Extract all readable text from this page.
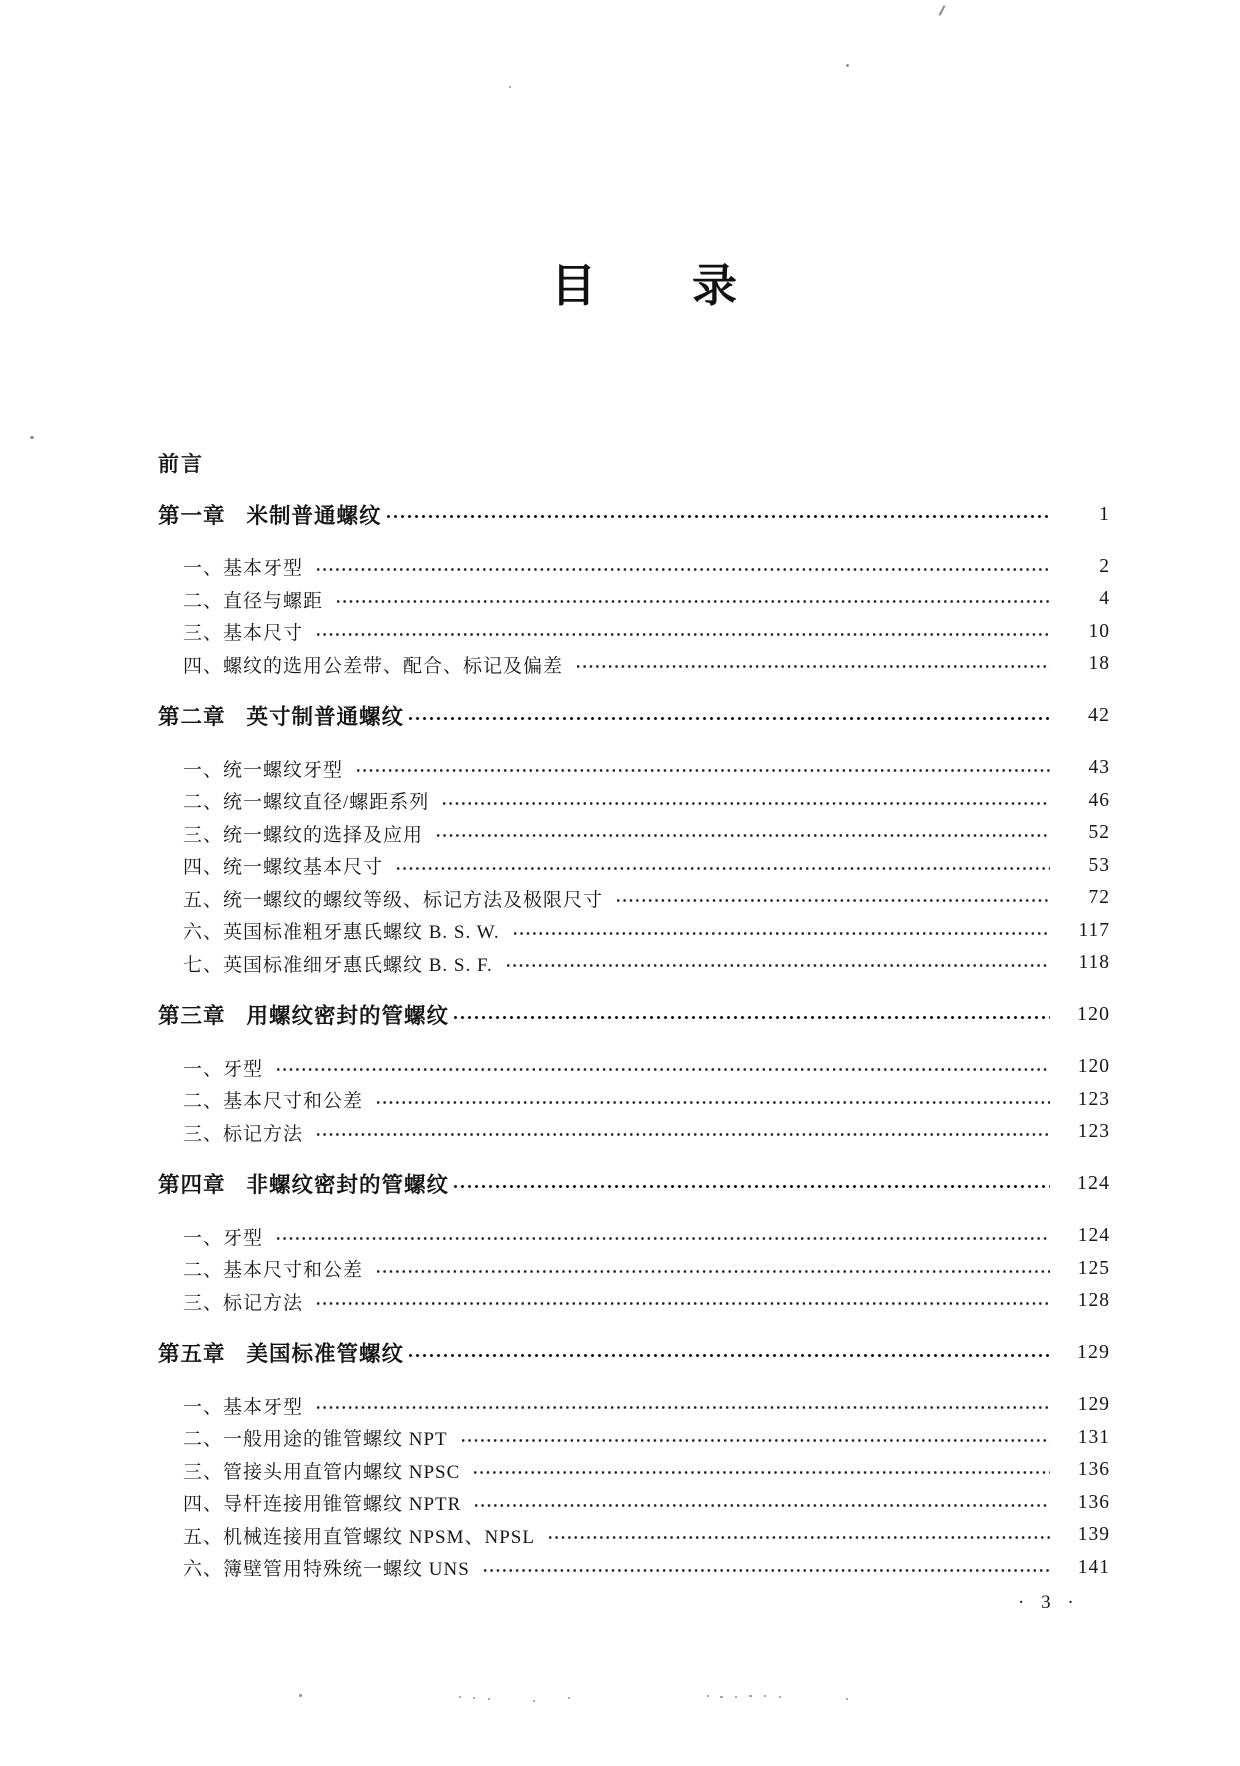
目录
前言
第一章 米制普通螺纹	1
一、基本牙型	2
二、直径与螺距	4
三、基本尺寸	10
四、螺纹的选用公差带、配合、标记及偏差	18
第二章 英寸制普通螺纹	42
一、统一螺纹牙型	43
二、统一螺纹直径/螺距系列	46
三、统一螺纹的选择及应用	52
四、统一螺纹基本尺寸	53
五、统一螺纹的螺纹等级、标记方法及极限尺寸	72
六、英国标准粗牙惠氏螺纹 B. S. W.	117
七、英国标准细牙惠氏螺纹 B. S. F.	118
第三章 用螺纹密封的管螺纹	120
一、牙型	120
二、基本尺寸和公差	123
三、标记方法	123
第四章 非螺纹密封的管螺纹	124
一、牙型	124
二、基本尺寸和公差	125
三、标记方法	128
第五章 美国标准管螺纹	129
一、基本牙型	129
二、一般用途的锥管螺纹 NPT	131
三、管接头用直管内螺纹 NPSC	136
四、导杆连接用锥管螺纹 NPTR	136
五、机械连接用直管螺纹 NPSM、NPSL	139
六、簿壁管用特殊统一螺纹 UNS	141
· 3 ·
